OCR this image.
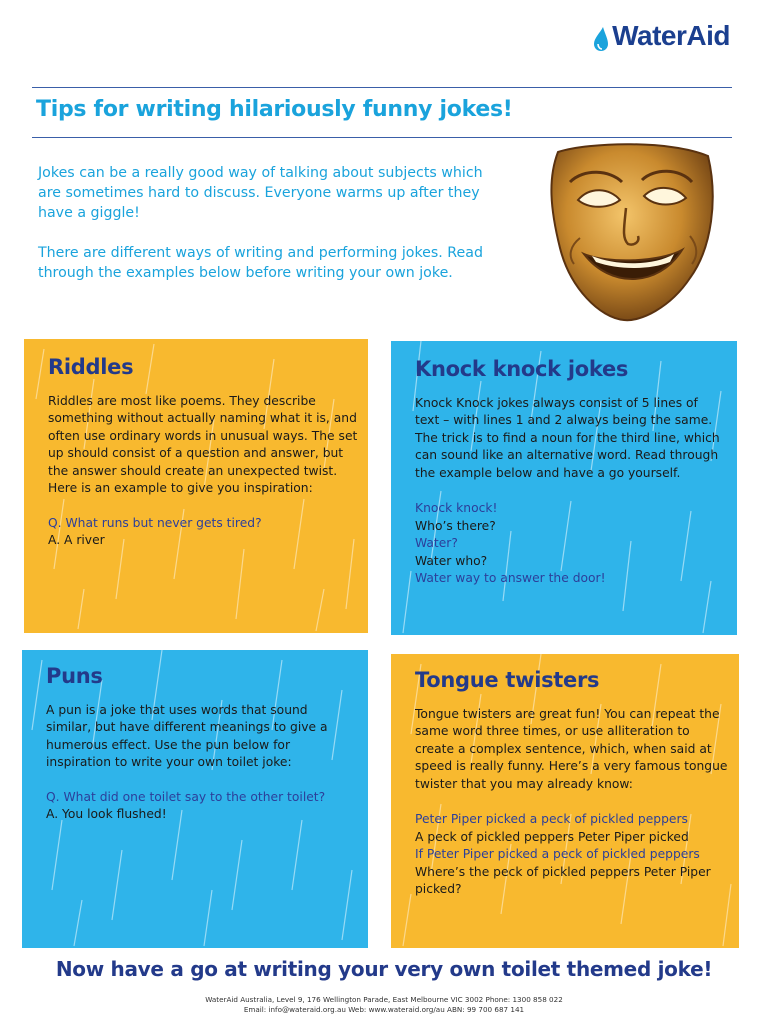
WaterAid
Tips for writing hilariously funny jokes!

Jokes can be a really good way of talking about subjects which are sometimes hard to discuss. Everyone warms up after they have a giggle!

There are different ways of writing and performing jokes. Read through the examples below before writing your own joke.

Riddles

Riddles are most like poems. They describe something without actually naming what it is, and often use ordinary words in unusual ways. The set up should consist of a question and answer, but the answer should create an unexpected twist. Here is an example to give you inspiration:

Q. What runs but never gets tired?
A. A river
Knock knock jokes

Knock Knock jokes always consist of 5 lines of text – with lines 1 and 2 always being the same. The trick is to find a noun for the third line, which can sound like an alternative word. Read through the example below and have a go yourself.

Knock knock!
Who’s there?
Water?
Water who?
Water way to answer the door!
Puns

A pun is a joke that uses words that sound similar, but have different meanings to give a humerous effect. Use the pun below for inspiration to write your own toilet joke:

Q. What did one toilet say to the other toilet?
A. You look flushed!
Tongue twisters

Tongue twisters are great fun! You can repeat the same word three times, or use alliteration to create a complex sentence, which, when said at speed is really funny. Here’s a very famous tongue twister that you may already know:

Peter Piper picked a peck of pickled peppers
A peck of pickled peppers Peter Piper picked
If Peter Piper picked a peck of pickled peppers
Where’s the peck of pickled peppers Peter Piper picked?

Now have a go at writing your very own toilet themed joke!

WaterAid Australia, Level 9, 176 Wellington Parade, East Melbourne VIC 3002 Phone: 1300 858 022
Email: info@wateraid.org.au Web: www.wateraid.org/au ABN: 99 700 687 141
